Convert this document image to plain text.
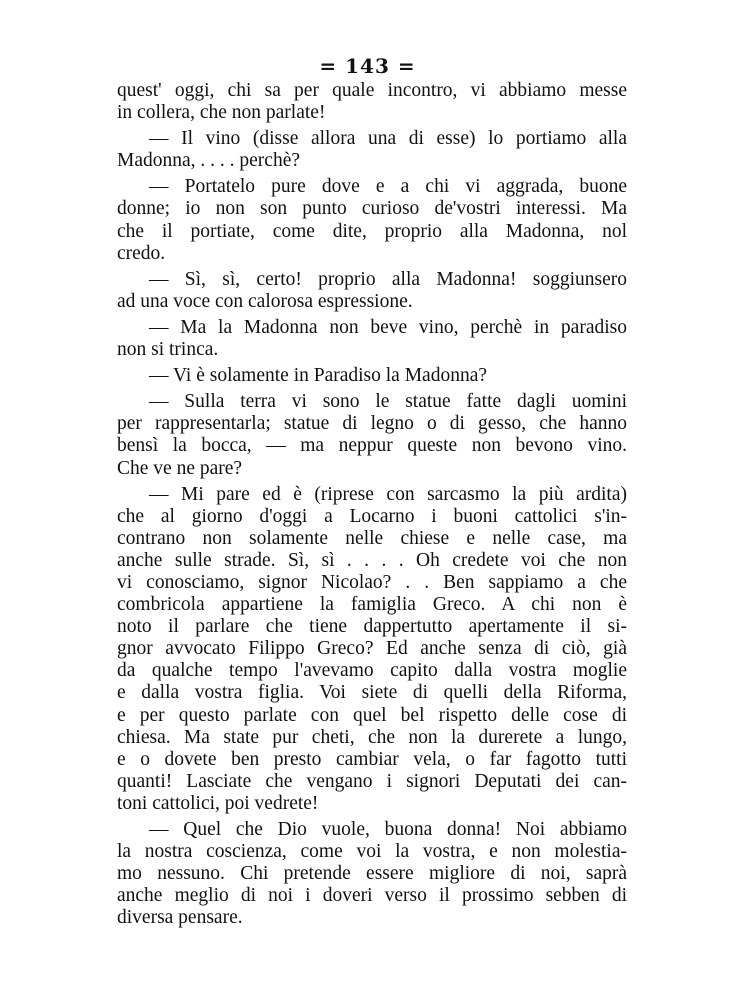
= 143 =
quest' oggi, chi sa per quale incontro, vi abbiamo messe
in collera, che non parlate!
— Il vino (disse allora una di esse) lo portiamo alla
Madonna, . . . . perchè?
— Portatelo pure dove e a chi vi aggrada, buone
donne; io non son punto curioso de'vostri interessi. Ma
che il portiate, come dite, proprio alla Madonna, nol
credo.
— Sì, sì, certo! proprio alla Madonna! soggiunsero
ad una voce con calorosa espressione.
— Ma la Madonna non beve vino, perchè in paradiso
non si trinca.
— Vi è solamente in Paradiso la Madonna?
— Sulla terra vi sono le statue fatte dagli uomini
per rappresentarla; statue di legno o di gesso, che hanno
bensì la bocca, — ma neppur queste non bevono vino.
Che ve ne pare?
— Mi pare ed è (riprese con sarcasmo la più ardita)
che al giorno d'oggi a Locarno i buoni cattolici s'in-
contrano non solamente nelle chiese e nelle case, ma
anche sulle strade. Sì, sì . . . . Oh credete voi che non
vi conosciamo, signor Nicolao? . . Ben sappiamo a che
combricola appartiene la famiglia Greco. A chi non è
noto il parlare che tiene dappertutto apertamente il si-
gnor avvocato Filippo Greco? Ed anche senza di ciò, già
da qualche tempo l'avevamo capito dalla vostra moglie
e dalla vostra figlia. Voi siete di quelli della Riforma,
e per questo parlate con quel bel rispetto delle cose di
chiesa. Ma state pur cheti, che non la durerete a lungo,
e o dovete ben presto cambiar vela, o far fagotto tutti
quanti! Lasciate che vengano i signori Deputati dei can-
toni cattolici, poi vedrete!
— Quel che Dio vuole, buona donna! Noi abbiamo
la nostra coscienza, come voi la vostra, e non molestia-
mo nessuno. Chi pretende essere migliore di noi, saprà
anche meglio di noi i doveri verso il prossimo sebben di
diversa pensare.
